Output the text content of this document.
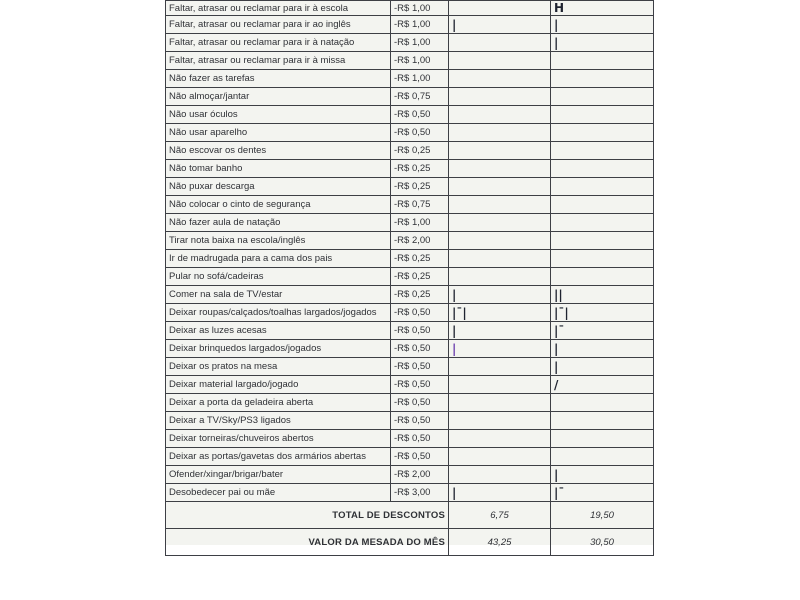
Faltar, atrasar ou reclamar para ir à escola	-R$ 1,00		H
Faltar, atrasar ou reclamar para ir ao inglês	-R$ 1,00	|	|
Faltar, atrasar ou reclamar para ir à natação	-R$ 1,00		|
Faltar, atrasar ou reclamar para ir à missa	-R$ 1,00		
Não fazer as tarefas	-R$ 1,00		
Não almoçar/jantar	-R$ 0,75		
Não usar óculos	-R$ 0,50		
Não usar aparelho	-R$ 0,50		
Não escovar os dentes	-R$ 0,25		
Não tomar banho	-R$ 0,25		
Não puxar descarga	-R$ 0,25		
Não colocar o cinto de segurança	-R$ 0,75		
Não fazer aula de natação	-R$ 1,00		
Tirar nota baixa na escola/inglês	-R$ 2,00		
Ir de madrugada para a cama dos pais	-R$ 0,25		
Pular no sofá/cadeiras	-R$ 0,25		
Comer na sala de TV/estar	-R$ 0,25	|	||
Deixar roupas/calçados/toalhas largados/jogados	-R$ 0,50	|¯|	|¯|
Deixar as luzes acesas	-R$ 0,50	|	|¯
Deixar brinquedos largados/jogados	-R$ 0,50	|	|
Deixar os pratos na mesa	-R$ 0,50		|
Deixar material largado/jogado	-R$ 0,50		/
Deixar a porta da geladeira aberta	-R$ 0,50		
Deixar a TV/Sky/PS3 ligados	-R$ 0,50		
Deixar torneiras/chuveiros abertos	-R$ 0,50		
Deixar as portas/gavetas dos armários abertas	-R$ 0,50		
Ofender/xingar/brigar/bater	-R$ 2,00		|
Desobedecer pai ou mãe	-R$ 3,00	|	|¯
TOTAL DE DESCONTOS		6,75	19,50
VALOR DA MESADA DO MÊS		43,25	30,50
